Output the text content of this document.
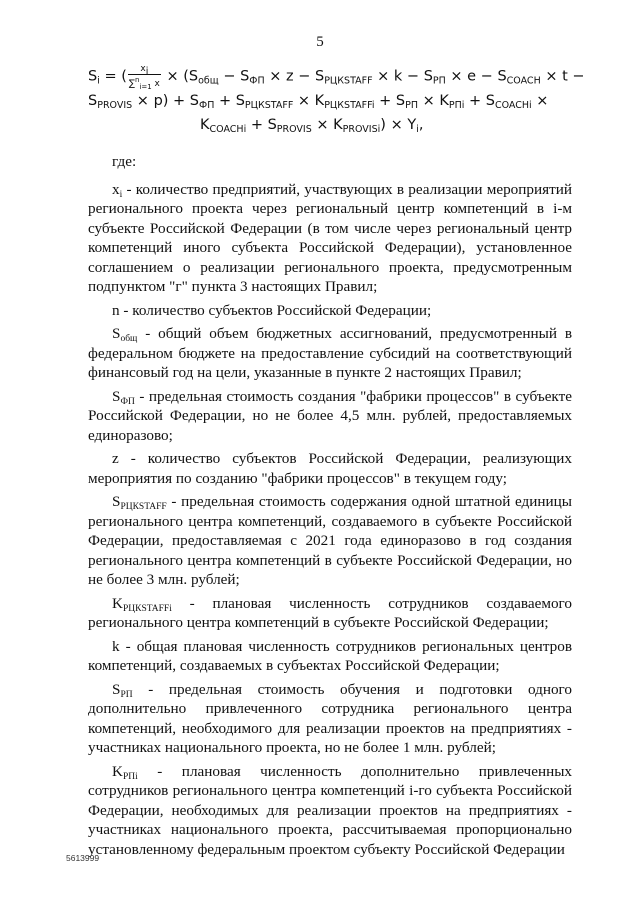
5
$S_i$ = ( $\frac{x_i}{\sum^n_{i=1} x} \times (S_{общ} - S_{ФП} \times z - S_{РЦКSTAFF} \times k - S_{РП} \times e - S_{COACH} \times t$ −
$S_{PROVIS} \times p) + S_{ФП} + S_{РЦКSTAFF} \times K_{РЦКSTAFFi} + S_{РП} \times K_{РПi} + S_{COACHi}$ ×
$K_{COACHi} + S_{PROVIS} \times K_{PROVISi}) \times Y_i$,

где:

$x_i$ - количество предприятий, участвующих в реализации мероприятий регионального проекта через региональный центр компетенций в i-м субъекте Российской Федерации (в том числе через региональный центр компетенций иного субъекта Российской Федерации), установленное соглашением о реализации регионального проекта, предусмотренным подпунктом "г" пункта 3 настоящих Правил;

n - количество субъектов Российской Федерации;

$S_{общ}$ - общий объем бюджетных ассигнований, предусмотренный в федеральном бюджете на предоставление субсидий на соответствующий финансовый год на цели, указанные в пункте 2 настоящих Правил;

$S_{ФП}$ - предельная стоимость создания "фабрики процессов" в субъекте Российской Федерации, но не более 4,5 млн. рублей, предоставляемых единоразово;

z - количество субъектов Российской Федерации, реализующих мероприятия по созданию "фабрики процессов" в текущем году;

$S_{РЦКSTAFF}$ - предельная стоимость содержания одной штатной единицы регионального центра компетенций, создаваемого в субъекте Российской Федерации, предоставляемая с 2021 года единоразово в год создания регионального центра компетенций в субъекте Российской Федерации, но не более 3 млн. рублей;

$K_{РЦКSTAFFi}$ - плановая численность сотрудников создаваемого регионального центра компетенций в субъекте Российской Федерации;

k - общая плановая численность сотрудников региональных центров компетенций, создаваемых в субъектах Российской Федерации;

$S_{РП}$ - предельная стоимость обучения и подготовки одного дополнительно привлеченного сотрудника регионального центра компетенций, необходимого для реализации проектов на предприятиях - участниках национального проекта, но не более 1 млн. рублей;

$K_{РПi}$ - плановая численность дополнительно привлеченных сотрудников регионального центра компетенций i-го субъекта Российской Федерации, необходимых для реализации проектов на предприятиях - участниках национального проекта, рассчитываемая пропорционально установленному федеральным проектом субъекту Российской Федерации

5613999
